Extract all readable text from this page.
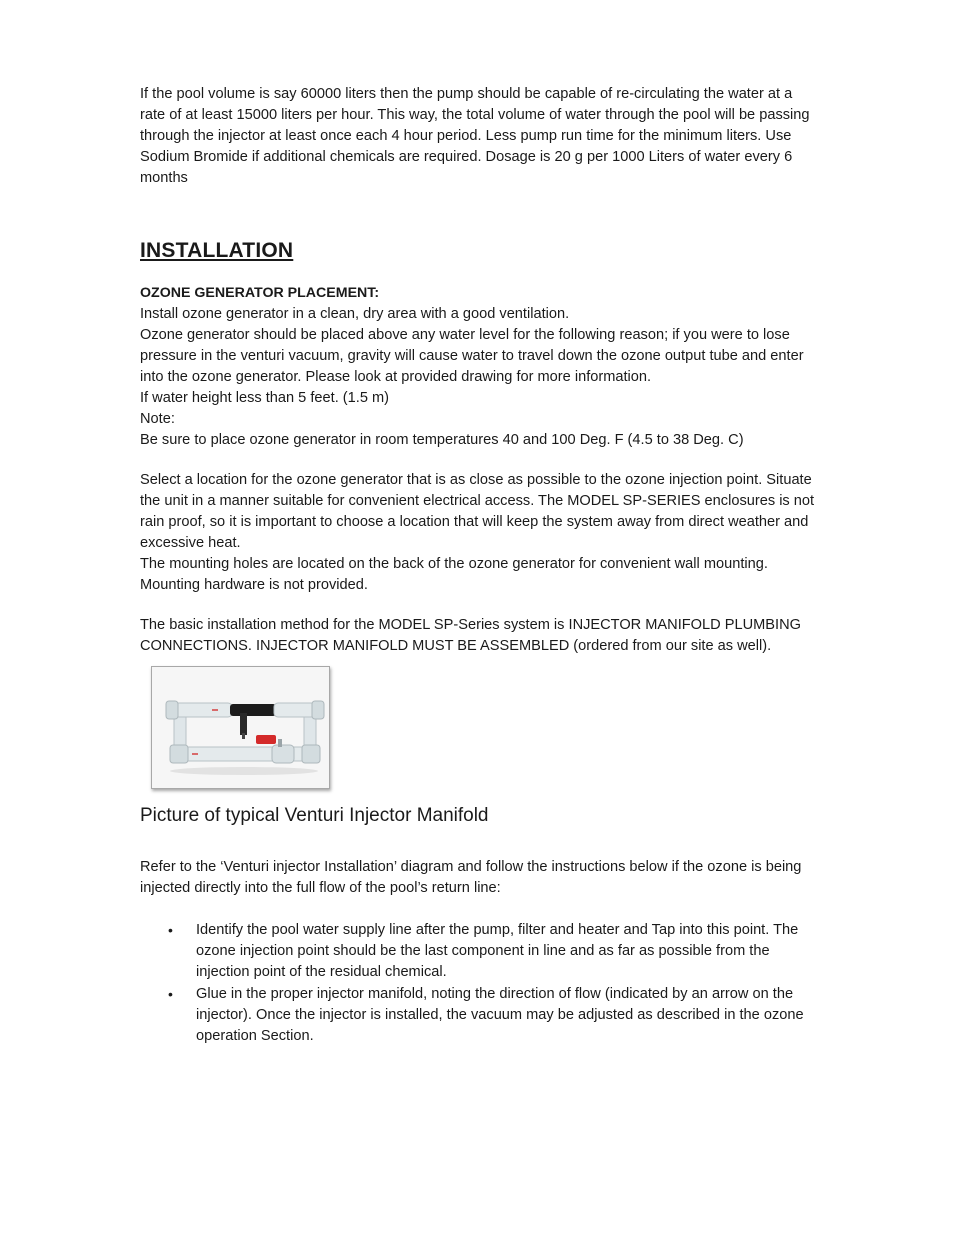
If the pool volume is say 60000 liters then the pump should be capable of re-circulating the water at a rate of at least 15000 liters per hour. This way, the total volume of water through the pool will be passing through the injector at least once each 4 hour period. Less pump run time for the minimum liters. Use Sodium Bromide if additional chemicals are required. Dosage is 20 g per 1000 Liters of water every 6 months

INSTALLATION
OZONE GENERATOR PLACEMENT:

Install ozone generator in a clean, dry area with a good ventilation.

Ozone generator should be placed above any water level for the following reason; if you were to lose pressure in the venturi vacuum, gravity will cause water to travel down the ozone output tube and enter into the ozone generator. Please look at provided drawing for more information.

If water height less than 5 feet. (1.5 m)

Note:

Be sure to place ozone generator in room temperatures 40 and 100 Deg. F (4.5 to 38 Deg. C)

Select a location for the ozone generator that is as close as possible to the ozone injection point. Situate the unit in a manner suitable for convenient electrical access. The MODEL SP-SERIES enclosures is not rain proof, so it is important to choose a location that will keep the system away from direct weather and excessive heat.

The mounting holes are located on the back of the ozone generator for convenient wall mounting. Mounting hardware is not provided.

The basic installation method for the MODEL SP-Series system is INJECTOR MANIFOLD PLUMBING CONNECTIONS. INJECTOR MANIFOLD MUST BE ASSEMBLED (ordered from our site as well).

Picture of typical Venturi Injector Manifold

Refer to the ‘Venturi injector Installation’ diagram and follow the instructions below if the ozone is being injected directly into the full flow of the pool’s return line:

• Identify the pool water supply line after the pump, filter and heater and Tap into this point. The ozone injection point should be the last component in line and as far as possible from the injection point of the residual chemical.
• Glue in the proper injector manifold, noting the direction of flow (indicated by an arrow on the injector). Once the injector is installed, the vacuum may be adjusted as described in the ozone operation Section.
